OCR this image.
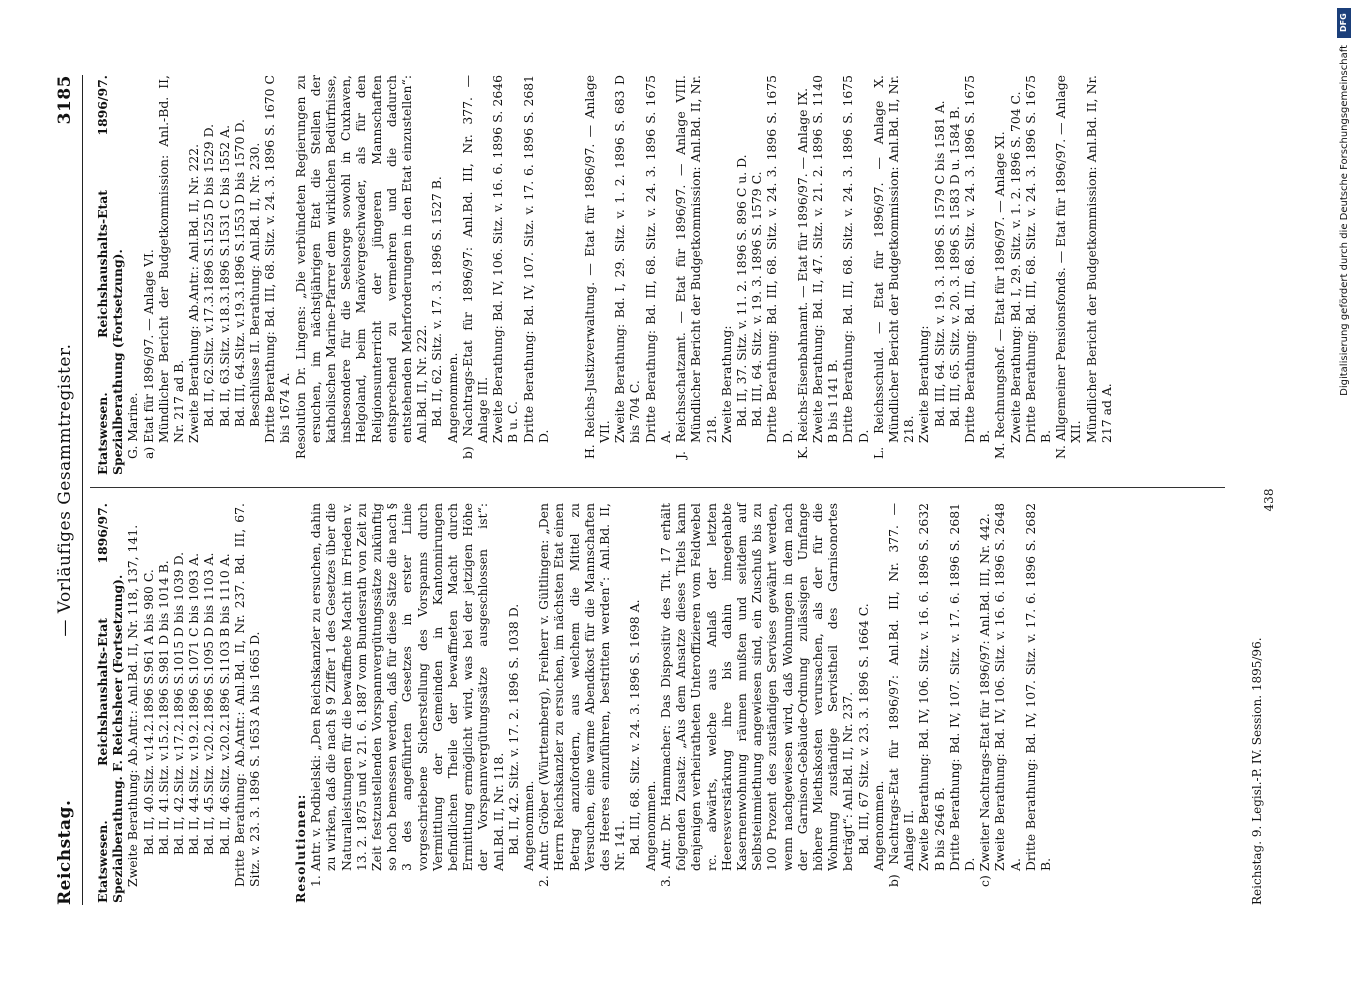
Reichstag.
— Vorläufiges Gesammtregister.
3185

Etatswesen. Reichshaushalts-Etat 1896/97. Spezialberathung. F. Reichsheer (Fortsetzung). Zweite Berathung: Ab.Antr.: Anl.Bd. II, Nr. 118, 137, 141. Bd. II, 40.Sitz. v.14.2.1896 S.961 A bis 980 C. Bd. II, 41.Sitz. v.15.2.1896 S.981 D bis 1014 B. Bd. II, 42.Sitz. v.17.2.1896 S.1015 D bis 1039 D. Bd. II, 44.Sitz. v.19.2.1896 S.1071 C bis 1093 A. Bd. II, 45.Sitz. v.20.2.1896 S.1095 D bis 1103 A. Bd. II, 46.Sitz. v.20.2.1896 S.1103 B bis 1110 A. Dritte Berathung: Ab.Antr.: Anl.Bd. II, Nr. 237. Bd. III, 67. Sitz. v. 23. 3. 1896 S. 1653 A bis 1665 D. Resolutionen: 1. Antr. v. Podbielski: „Den Reichskanzler zu ersuchen, dahin zu wirken, daß die nach § 9 Ziffer 1 des Gesetzes über die Naturalleistungen für die bewaffnete Macht im Frieden v. 13. 2. 1875 und v. 21. 6. 1887 vom Bundesrath von Zeit zu Zeit festzustellenden Vorspannvergütungssätze zukünftig so hoch bemessen werden, daß für diese Sätze die nach § 3 des angeführten Gesetzes in erster Linie vorgeschriebene Sicherstellung des Vorspanns durch Vermittlung der Gemeinden in Kantonnirungen befindlichen Theile der bewaffneten Macht durch Ermittlung ermöglicht wird, was bei der jetzigen Höhe der Vorspannvergütungssätze ausgeschlossen ist“: Anl.Bd. II, Nr. 118. Bd. II, 42. Sitz. v. 17. 2. 1896 S. 1038 D. Angenommen. 2. Antr. Gröber (Württemberg), Freiherr v. Gültlingen: „Den Herrn Reichskanzler zu ersuchen, im nächsten Etat einen Betrag anzufordern, aus welchem die Mittel zu Versuchen, eine warme Abendkost für die Mannschaften des Heeres einzuführen, bestritten werden“: Anl.Bd. II, Nr. 141. Bd. III, 68. Sitz. v. 24. 3. 1896 S. 1698 A. Angenommen. 3. Antr. Dr. Hammacher: Das Dispositiv des Tit. 17 erhält folgenden Zusatz: „Aus dem Ansatze dieses Titels kann denjenigen verheiratheten Unteroffizieren vom Feldwebel rc. abwärts, welche aus Anlaß der letzten Heeresverstärkung ihre bis dahin innegehabte Kasernenwohnung räumen mußten und seitdem auf Selbsteinmiethung angewiesen sind, ein Zuschuß bis zu 100 Prozent des zuständigen Servises gewährt werden, wenn nachgewiesen wird, daß Wohnungen in dem nach der Garnison-Gebäude-Ordnung zulässigen Umfange höhere Miethskosten verursachen, als der für die Wohnung zuständige Servistheil des Garnisonortes beträgt“: Anl.Bd. II, Nr. 237. Bd. III, 67 Sitz. v. 23. 3. 1896 S. 1664 C. Angenommen. b) Nachtrags-Etat für 1896/97: Anl.Bd. III, Nr. 377. — Anlage II. Zweite Berathung: Bd. IV, 106. Sitz. v. 16. 6. 1896 S. 2632 B bis 2646 B. Dritte Berathung: Bd. IV, 107. Sitz. v. 17. 6. 1896 S. 2681 D. c) Zweiter Nachtrags-Etat für 1896/97: Anl.Bd. III, Nr. 442. Zweite Berathung: Bd. IV, 106. Sitz. v. 16. 6. 1896 S. 2648 A. Dritte Berathung: Bd. IV, 107. Sitz. v. 17. 6. 1896 S. 2682 B.

Etatswesen. Reichshaushalts-Etat 1896/97. Spezialberathung (Fortsetzung). G. Marine. a) Etat für 1896/97. — Anlage VI. Mündlicher Bericht der Budgetkommission: Anl.-Bd. II, Nr. 217 ad B. Zweite Berathung: Ab.Antr.: Anl.Bd. II, Nr. 222. Bd. II, 62.Sitz. v.17.3.1896 S.1525 D bis 1529 D. Bd. II, 63.Sitz. v.18.3.1896 S.1531 C bis 1552 A. Bd. III, 64.Sitz. v.19.3.1896 S.1553 D bis 1570 D. Beschlüsse II. Berathung: Anl.Bd. II, Nr. 230. Dritte Berathung: Bd. III, 68. Sitz. v. 24. 3. 1896 S. 1670 C bis 1674 A. Resolution Dr. Lingens: „Die verbündeten Regierungen zu ersuchen, im nächstjährigen Etat die Stellen der katholischen Marine-Pfarrer dem wirklichen Bedürfnisse, insbesondere für die Seelsorge sowohl in Cuxhaven, Helgoland, beim Manövergeschwader, als für den Religionsunterricht der jüngeren Mannschaften entsprechend zu vermehren und die dadurch entstehenden Mehrforderungen in den Etat einzustellen“: Anl.Bd. II, Nr. 222. Bd. II, 62. Sitz. v. 17. 3. 1896 S. 1527 B. Angenommen. b) Nachtrags-Etat für 1896/97: Anl.Bd. III, Nr. 377. — Anlage III. Zweite Berathung: Bd. IV, 106. Sitz. v. 16. 6. 1896 S. 2646 B u. C. Dritte Berathung: Bd. IV, 107. Sitz. v. 17. 6. 1896 S. 2681 D. H. Reichs-Justizverwaltung. — Etat für 1896/97. — Anlage VII. Zweite Berathung: Bd. I, 29. Sitz. v. 1. 2. 1896 S. 683 D bis 704 C. Dritte Berathung: Bd. III, 68. Sitz. v. 24. 3. 1896 S. 1675 A. J. Reichsschatzamt. — Etat für 1896/97. — Anlage VIII. Mündlicher Bericht der Budgetkommission: Anl.Bd. II, Nr. 218. Zweite Berathung: Bd. II, 37. Sitz. v. 11. 2. 1896 S. 896 C u. D. Bd. III, 64. Sitz. v. 19. 3. 1896 S. 1579 C. Dritte Berathung: Bd. III, 68. Sitz. v. 24. 3. 1896 S. 1675 D. K. Reichs-Eisenbahnamt. — Etat für 1896/97. — Anlage IX. Zweite Berathung: Bd. II, 47. Sitz. v. 21. 2. 1896 S. 1140 B bis 1141 B. Dritte Berathung: Bd. III, 68. Sitz. v. 24. 3. 1896 S. 1675 D. L. Reichsschuld. — Etat für 1896/97. — Anlage X. Mündlicher Bericht der Budgetkommission: Anl.Bd. II, Nr. 218. Zweite Berathung: Bd. III, 64. Sitz. v. 19. 3. 1896 S. 1579 C bis 1581 A. Bd. III, 65. Sitz. v. 20. 3. 1896 S. 1583 D u. 1584 B. Dritte Berathung: Bd. III, 68. Sitz. v. 24. 3. 1896 S. 1675 B. M. Rechnungshof. — Etat für 1896/97. — Anlage XI. Zweite Berathung: Bd. I, 29. Sitz. v. 1. 2. 1896 S. 704 C. Dritte Berathung: Bd. III, 68. Sitz. v. 24. 3. 1896 S. 1675 B. N. Allgemeiner Pensionsfonds. — Etat für 1896/97. — Anlage XII. Mündlicher Bericht der Budgetkommission: Anl.Bd. II, Nr. 217 ad A.

Reichstag. 9. Legisl.-P. IV. Session. 1895/96.
438
DFG
Digitalisierung gefördert durch die Deutsche Forschungsgemeinschaft
